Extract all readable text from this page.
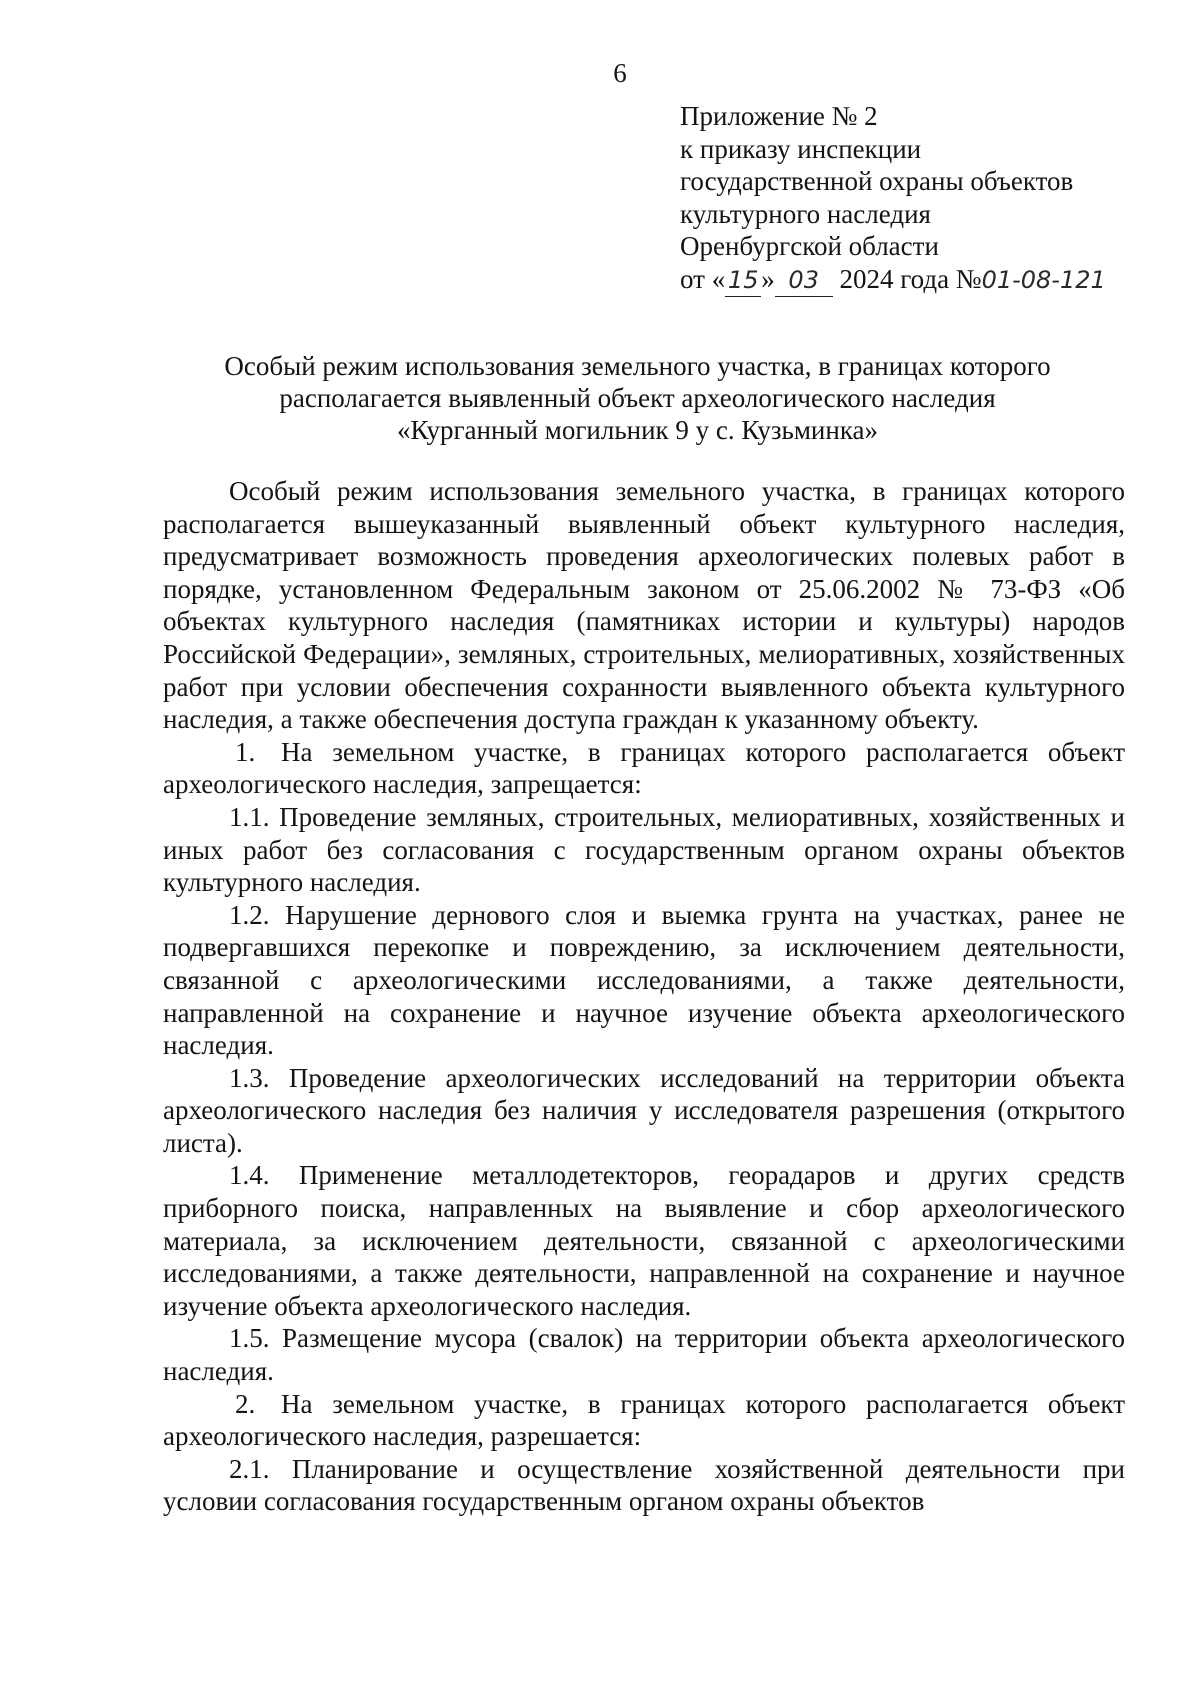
6
Приложение № 2
к приказу инспекции
государственной охраны объектов
культурного наследия
Оренбургской области
от « 15 » 03 2024 года №01-08-121
Особый режим использования земельного участка, в границах которого
располагается выявленный объект археологического наследия
«Курганный могильник 9 у с. Кузьминка»

Особый режим использования земельного участка, в границах которого располагается вышеуказанный выявленный объект культурного наследия, предусматривает возможность проведения археологических полевых работ в порядке, установленном Федеральным законом от 25.06.2002 № 73-ФЗ «Об объектах культурного наследия (памятниках истории и культуры) народов Российской Федерации», земляных, строительных, мелиоративных, хозяйственных работ при условии обеспечения сохранности выявленного объекта культурного наследия, а также обеспечения доступа граждан к указанному объекту.

1. На земельном участке, в границах которого располагается объект археологического наследия, запрещается:

1.1. Проведение земляных, строительных, мелиоративных, хозяйственных и иных работ без согласования с государственным органом охраны объектов культурного наследия.

1.2. Нарушение дернового слоя и выемка грунта на участках, ранее не подвергавшихся перекопке и повреждению, за исключением деятельности, связанной с археологическими исследованиями, а также деятельности, направленной на сохранение и научное изучение объекта археологического наследия.

1.3. Проведение археологических исследований на территории объекта археологического наследия без наличия у исследователя разрешения (открытого листа).

1.4. Применение металлодетекторов, георадаров и других средств приборного поиска, направленных на выявление и сбор археологического материала, за исключением деятельности, связанной с археологическими исследованиями, а также деятельности, направленной на сохранение и научное изучение объекта археологического наследия.

1.5. Размещение мусора (свалок) на территории объекта археологического наследия.

2. На земельном участке, в границах которого располагается объект археологического наследия, разрешается:

2.1. Планирование и осуществление хозяйственной деятельности при условии согласования государственным органом охраны объектов
